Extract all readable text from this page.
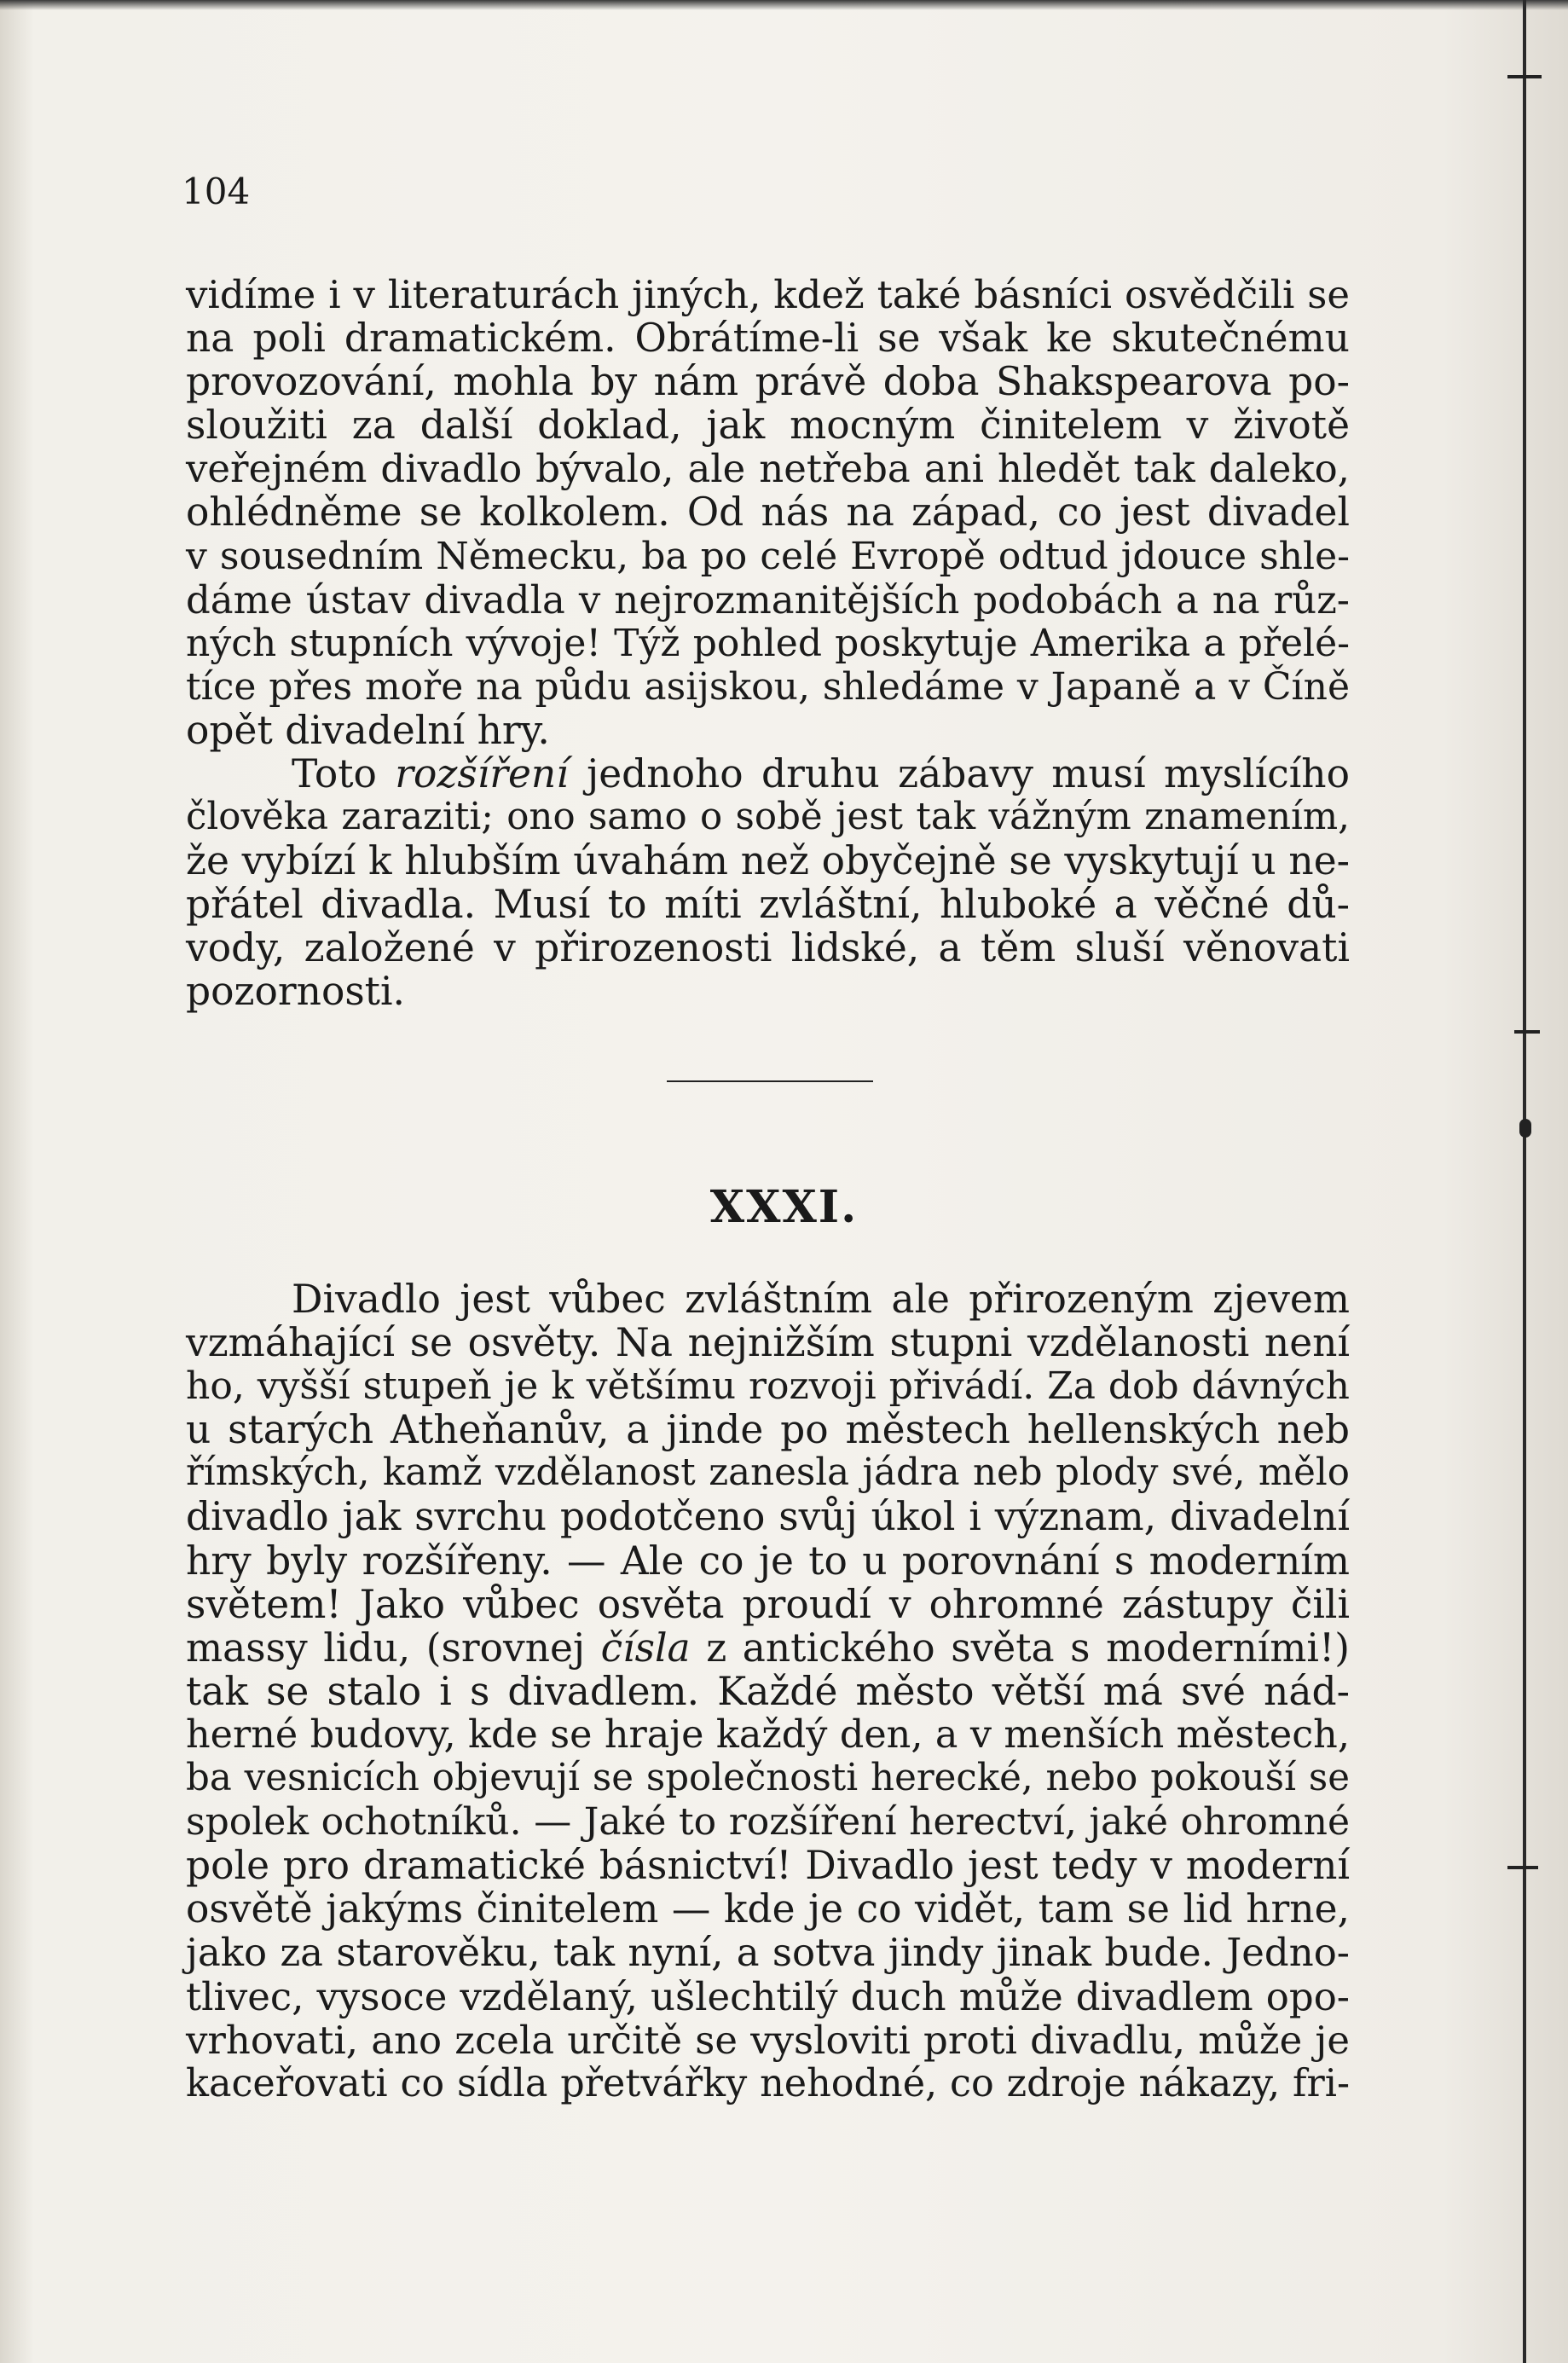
104

vidíme i v literaturách jiných, kdež také básníci osvědčili se
na poli dramatickém. Obrátíme-li se však ke skutečnému
provozování, mohla by nám právě doba Shakspearova po-
sloužiti za další doklad, jak mocným činitelem v životě
veřejném divadlo bývalo, ale netřeba ani hledět tak daleko,
ohlédněme se kolkolem. Od nás na západ, co jest divadel
v sousedním Německu, ba po celé Evropě odtud jdouce shle-
dáme ústav divadla v nejrozmanitějších podobách a na růz-
ných stupních vývoje! Týž pohled poskytuje Amerika a přelé-
tíce přes moře na půdu asijskou, shledáme v Japaně a v Číně
opět divadelní hry.
Toto rozšíření jednoho druhu zábavy musí myslícího
člověka zaraziti; ono samo o sobě jest tak vážným znamením,
že vybízí k hlubším úvahám než obyčejně se vyskytují u ne-
přátel divadla. Musí to míti zvláštní, hluboké a věčné dů-
vody, založené v přirozenosti lidské, a těm sluší věnovati
pozornosti.
XXXI.
Divadlo jest vůbec zvláštním ale přirozeným zjevem
vzmáhající se osvěty. Na nejnižším stupni vzdělanosti není
ho, vyšší stupeň je k většímu rozvoji přivádí. Za dob dávných
u starých Atheňanův, a jinde po městech hellenských neb
římských, kamž vzdělanost zanesla jádra neb plody své, mělo
divadlo jak svrchu podotčeno svůj úkol i význam, divadelní
hry byly rozšířeny. — Ale co je to u porovnání s moderním
světem! Jako vůbec osvěta proudí v ohromné zástupy čili
massy lidu, (srovnej čísla z antického světa s moderními!)
tak se stalo i s divadlem. Každé město větší má své nád-
herné budovy, kde se hraje každý den, a v menších městech,
ba vesnicích objevují se společnosti herecké, nebo pokouší se
spolek ochotníků. — Jaké to rozšíření herectví, jaké ohromné
pole pro dramatické básnictví! Divadlo jest tedy v moderní
osvětě jakýms činitelem — kde je co vidět, tam se lid hrne,
jako za starověku, tak nyní, a sotva jindy jinak bude. Jedno-
tlivec, vysoce vzdělaný, ušlechtilý duch může divadlem opo-
vrhovati, ano zcela určitě se vysloviti proti divadlu, může je
kaceřovati co sídla přetvářky nehodné, co zdroje nákazy, fri-
